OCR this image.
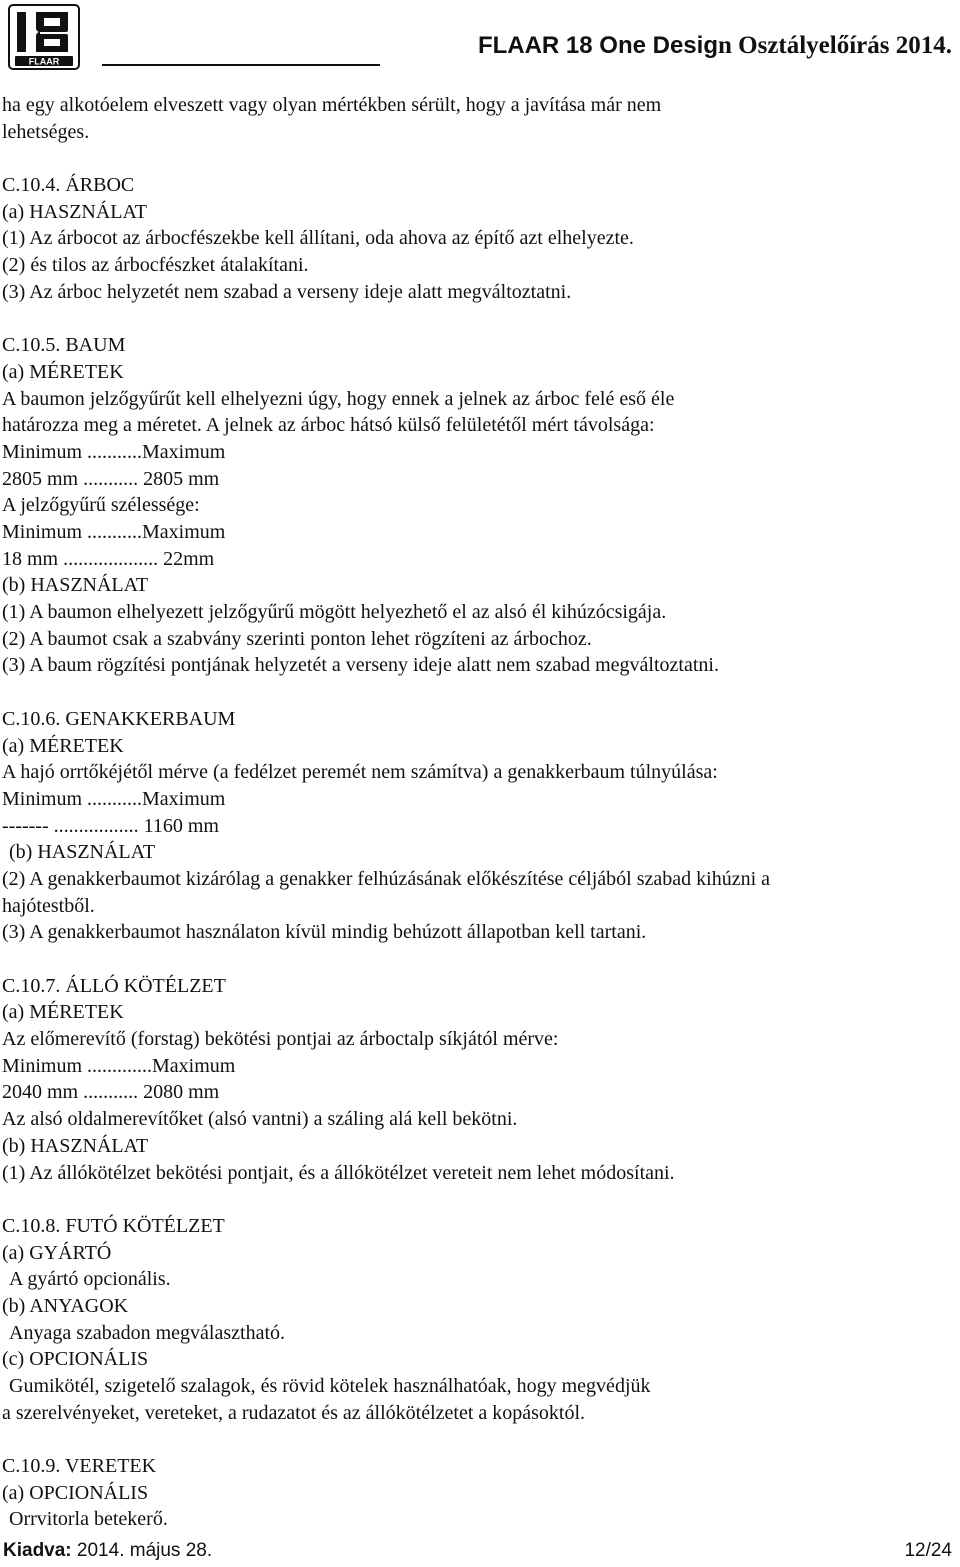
FLAAR
FLAAR 18 One Design Osztályelőírás 2014.
ha egy alkotóelem elveszett vagy olyan mértékben sérült, hogy a javítása már nem
lehetséges.
C.10.4. ÁRBOC
(a) HASZNÁLAT
(1) Az árbocot az árbocfészekbe kell állítani, oda ahova az építő azt elhelyezte.
(2) és tilos az árbocfészket átalakítani.
(3) Az árboc helyzetét nem szabad a verseny ideje alatt megváltoztatni.
C.10.5. BAUM
(a) MÉRETEK
A baumon jelzőgyűrűt kell elhelyezni úgy, hogy ennek a jelnek az árboc felé eső éle
határozza meg a méretet. A jelnek az árboc hátsó külső felületétől mért távolsága:
Minimum ...........Maximum
2805 mm ........... 2805 mm
A jelzőgyűrű szélessége:
Minimum ...........Maximum
18 mm ................... 22mm
(b) HASZNÁLAT
(1) A baumon elhelyezett jelzőgyűrű mögött helyezhető el az alsó él kihúzócsigája.
(2) A baumot csak a szabvány szerinti ponton lehet rögzíteni az árbochoz.
(3) A baum rögzítési pontjának helyzetét a verseny ideje alatt nem szabad megváltoztatni.
C.10.6. GENAKKERBAUM
(a) MÉRETEK
A hajó orrtőkéjétől mérve (a fedélzet peremét nem számítva) a genakkerbaum túlnyúlása:
Minimum ...........Maximum
------- ................. 1160 mm
(b) HASZNÁLAT
(2) A genakkerbaumot kizárólag a genakker felhúzásának előkészítése céljából szabad kihúzni a
hajótestből.
(3) A genakkerbaumot használaton kívül mindig behúzott állapotban kell tartani.
C.10.7. ÁLLÓ KÖTÉLZET
(a) MÉRETEK
Az előmerevítő (forstag) bekötési pontjai az árboctalp síkjától mérve:
Minimum .............Maximum
2040 mm ........... 2080 mm
Az alsó oldalmerevítőket (alsó vantni) a száling alá kell bekötni.
(b) HASZNÁLAT
(1) Az állókötélzet bekötési pontjait, és a állókötélzet vereteit nem lehet módosítani.
C.10.8. FUTÓ KÖTÉLZET
(a) GYÁRTÓ
A gyártó opcionális.
(b) ANYAGOK
Anyaga szabadon megválasztható.
(c) OPCIONÁLIS
Gumikötél, szigetelő szalagok, és rövid kötelek használhatóak, hogy megvédjük
a szerelvényeket, vereteket, a rudazatot és az állókötélzetet a kopásoktól.
C.10.9. VERETEK
(a) OPCIONÁLIS
Orrvitorla betekerő.
Kiadva: 2014. május 28.	12/24
